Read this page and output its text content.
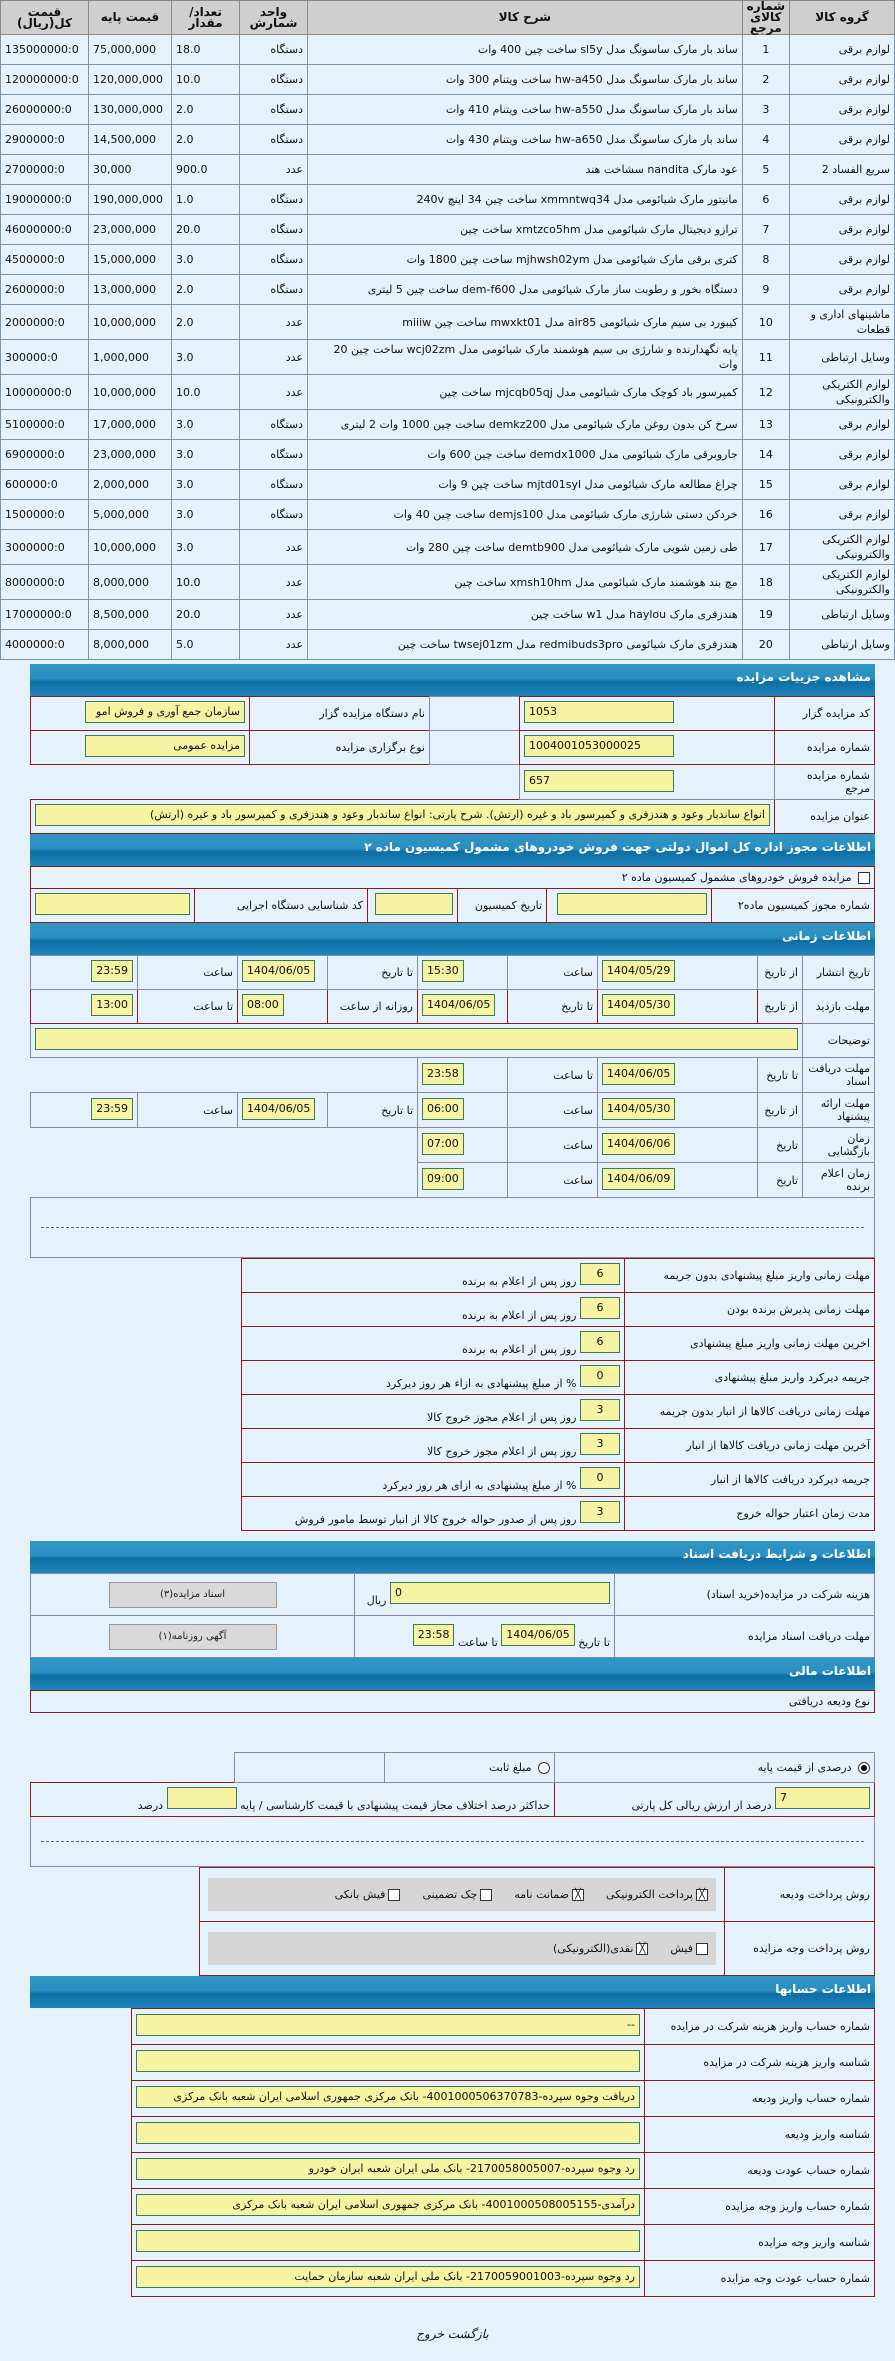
گروه کالا	شماره کالای مرجع	شرح کالا	واحد شمارش	تعداد/مقدار	قیمت پایه	قیمت کل(ریال)
لوازم برقی	1	ساند بار مارک ساسونگ مدل sl5y ساخت چین 400 وات	دستگاه	18.0	75,000,000	135000000:0
لوازم برقی	2	ساند بار مارک ساسونگ مدل hw-a450 ساخت ویتنام 300 وات	دستگاه	10.0	120,000,000	120000000:0
لوازم برقی	3	ساند بار مارک ساسونگ مدل hw-a550 ساخت ویتنام 410 وات	دستگاه	2.0	130,000,000	26000000:0
لوازم برقی	4	ساند بار مارک ساسونگ مدل hw-a650 ساخت ویتنام 430 وات	دستگاه	2.0	14,500,000	2900000:0
سریع الفساد 2	5	عود مارک nandita سشاخت هند	عدد	900.0	30,000	2700000:0
لوازم برقی	6	مانیتور مارک شیائومی مدل xmmntwq34 ساخت چین 34 اینچ 240v	دستگاه	1.0	190,000,000	19000000:0
لوازم برقی	7	ترازو دیجیتال مارک شیائومی مدل xmtzco5hm ساخت چین	دستگاه	20.0	23,000,000	46000000:0
لوازم برقی	8	کتری برقی مارک شیائومی مدل mjhwsh02ym ساخت چین 1800 وات	دستگاه	3.0	15,000,000	4500000:0
لوازم برقی	9	دستگاه بخور و رطوبت ساز مارک شیائومی مدل dem-f600 ساخت چین 5 لیتری	دستگاه	2.0	13,000,000	2600000:0
ماشینهای اداری و قطعات	10	کیبورد بی سیم مارک شیائومی air85 مدل mwxkt01 ساخت چین miiiw	عدد	2.0	10,000,000	2000000:0
وسایل ارتباطی	11	پایه نگهدارنده و شارژی بی سیم هوشمند مارک شیائومی مدل wcj02zm ساخت چین 20 وات	عدد	3.0	1,000,000	300000:0
لوازم الکتریکی والکترونیکی	12	کمپرسور باد کوچک مارک شیائومی مدل mjcqb05qj ساخت چین	عدد	10.0	10,000,000	10000000:0
لوازم برقی	13	سرخ کن بدون روغن مارک شیائومی مدل demkz200 ساخت چین 1000 وات 2 لیتری	دستگاه	3.0	17,000,000	5100000:0
لوازم برقی	14	جاروبرقی مارک شیائومی مدل demdx1000 ساخت چین 600 وات	دستگاه	3.0	23,000,000	6900000:0
لوازم برقی	15	چراغ مطالعه مارک شیائومی مدل mjtd01syl ساخت چین 9 وات	دستگاه	3.0	2,000,000	600000:0
لوازم برقی	16	خردکن دستی شارژی مارک شیائومی مدل demjs100 ساخت چین 40 وات	دستگاه	3.0	5,000,000	1500000:0
لوازم الکتریکی والکترونیکی	17	طی زمین شویی مارک شیائومی مدل demtb900 ساخت چین 280 وات	عدد	3.0	10,000,000	3000000:0
لوازم الکتریکی والکترونیکی	18	مچ بند هوشمند مارک شیائومی مدل xmsh10hm ساخت چین	عدد	10.0	8,000,000	8000000:0
وسایل ارتباطی	19	هندزفری مارک haylou مدل w1 ساخت چین	عدد	20.0	8,500,000	17000000:0
وسایل ارتباطی	20	هندزفری مارک شیائومی redmibuds3pro مدل twsej01zm ساخت چین	عدد	5.0	8,000,000	4000000:0
مشاهده جزییات مزایده
کد مزایده گزار	1053		نام دستگاه مزایده گزار	سازمان جمع آوری و فروش امو
شماره مزایده	1004001053000025		نوع برگزاری مزایده	مزایده عمومی
شماره مزایده مرجع	657			
عنوان مزایده	انواع ساندبار وعود و هندزفری و کمپرسور باد و غیره (ارتش). شرح پارتی: انواع ساندبار وعود و هندزفری و کمپرسور باد و غیره (ارتش)			
اطلاعات مجوز اداره کل اموال دولتی جهت فروش خودروهای مشمول کمیسیون ماده ۲
مزایده فروش خودروهای مشمول کمیسیون ماده ۲
شماره مجوز کمیسیون ماده۲		تاریخ کمیسیون		کد شناسایی دستگاه اجرایی	
اطلاعات زمانی
تاریخ انتشار	از تاریخ	1404/05/29	ساعت	15:30	تا تاریخ	1404/06/05	ساعت	23:59
مهلت بازدید	از تاریخ	1404/05/30	تا تاریخ	1404/06/05	روزانه از ساعت	08:00	تا ساعت	13:00
توضیحات								
مهلت دریافت اسناد	تا تاریخ	1404/06/05	تا ساعت	23:58				
مهلت ارائه پیشنهاد	از تاریخ	1404/05/30	ساعت	06:00	تا تاریخ	1404/06/05	ساعت	23:59
زمان بازگشایی	تاریخ	1404/06/06	ساعت	07:00				
زمان اعلام برنده	تاریخ	1404/06/09	ساعت	09:00				

مهلت زمانی واریز مبلغ پیشنهادی بدون جریمه	6 روز پس از اعلام به برنده
مهلت زمانی پذیرش برنده بودن	6 روز پس از اعلام به برنده
اخرین مهلت زمانی واریز مبلغ پیشنهادی	6 روز پس از اعلام به برنده
جریمه دیرکرد واریز مبلغ پیشنهادی	0 % از مبلغ پیشنهادی به ازاء هر روز دیرکرد
مهلت زمانی دریافت کالاها از انبار بدون جریمه	3 روز پس از اعلام مجوز خروج کالا
آخرین مهلت زمانی دریافت کالاها از انبار	3 روز پس از اعلام مجوز خروج کالا
جریمه دیرکرد دریافت کالاها از انبار	0 % از مبلغ پیشنهادی به ازای هر روز دیرکرد
مدت زمان اعتبار حواله خروج	3 روز پس از صدور حواله خروج کالا از انبار توسط مامور فروش
اطلاعات و شرایط دریافت اسناد
هزینه شرکت در مزایده(خرید اسناد)	0 ریال	اسناد مزایده(۳)
مهلت دریافت اسناد مزایده	تا تاریخ 1404/06/05 تا ساعت 23:58	آگهی روزنامه(۱)
اطلاعات مالی
نوع ودیعه دریافتی			

درصدی از قیمت پایه	مبلغ ثابت		
7 درصد از ارزش ریالی کل پارتی	حداکثر درصد اختلاف مجاز قیمت پیشنهادی با قیمت کارشناسی / پایه  درصد		

روش پرداخت ودیعه	╳پرداخت الکترونیکی╳ضمانت نامهچک تضمینیفیش بانکی

روش پرداخت وجه مزایده	فیش╳نقدی(الکترونیکی)
اطلاعات حسابها
شماره حساب واریز هزینه شرکت در مزایده	--
شناسه واریز هزینه شرکت در مزایده	
شماره حساب واریز ودیعه	دریافت وجوه سپرده-4001000506370783- بانک مرکزی جمهوری اسلامی ایران شعبه بانک مرکزی
شناسه واریز ودیعه	
شماره حساب عودت ودیعه	رد وجوه سپرده-2170058005007- بانک ملی ایران شعبه ایران خودرو
شماره حساب واریز وجه مزایده	درآمدی-4001000508005155- بانک مرکزی جمهوری اسلامی ایران شعبه بانک مرکزی
شناسه واریز وجه مزایده	
شماره حساب عودت وجه مزایده	رد وجوه سپرده-2170059001003- بانک ملی ایران شعبه سازمان حمایت
بازگشت خروج
